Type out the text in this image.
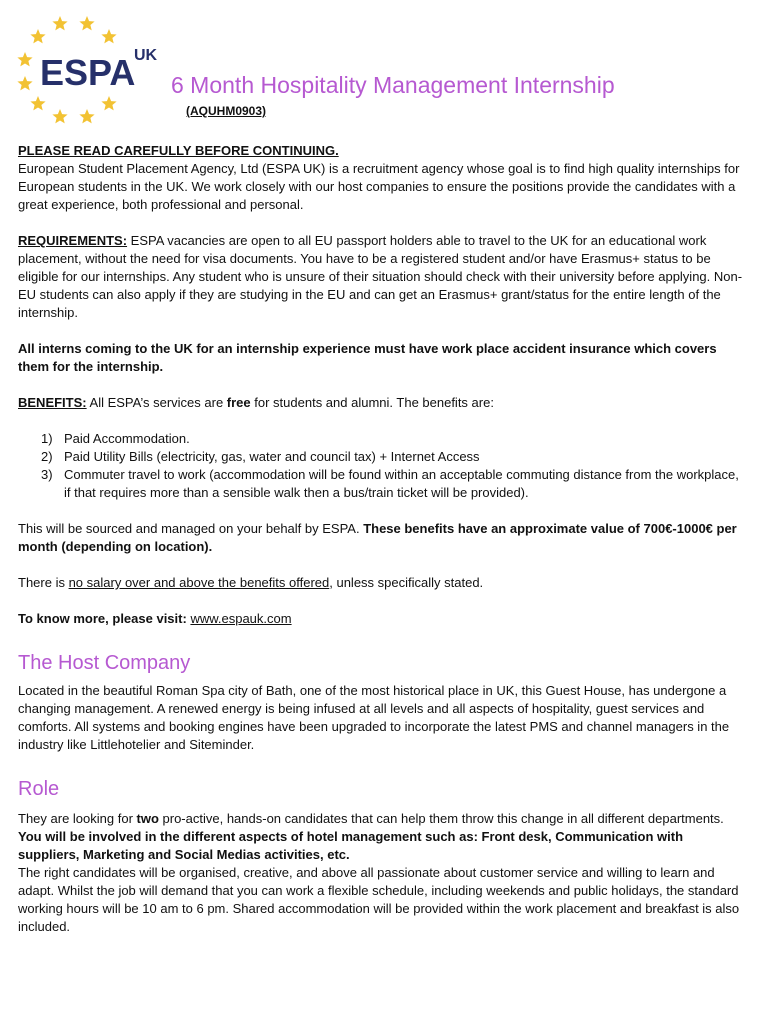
ESPA
UK
6 Month Hospitality Management Internship
(AQUHM0903)

PLEASE READ CAREFULLY BEFORE CONTINUING.
European Student Placement Agency, Ltd (ESPA UK) is a recruitment agency whose goal is to find high quality internships for European students in the UK. We work closely with our host companies to ensure the positions provide the candidates with a great experience, both professional and personal.

REQUIREMENTS: ESPA vacancies are open to all EU passport holders able to travel to the UK for an educational work placement, without the need for visa documents. You have to be a registered student and/or have Erasmus+ status to be eligible for our internships. Any student who is unsure of their situation should check with their university before applying. Non-EU students can also apply if they are studying in the EU and can get an Erasmus+ grant/status for the entire length of the internship.

All interns coming to the UK for an internship experience must have work place accident insurance which covers them for the internship.

BENEFITS: All ESPA’s services are free for students and alumni. The benefits are:

1) Paid Accommodation.
2) Paid Utility Bills (electricity, gas, water and council tax) + Internet Access
3) Commuter travel to work (accommodation will be found within an acceptable commuting distance from the workplace, if that requires more than a sensible walk then a bus/train ticket will be provided).

This will be sourced and managed on your behalf by ESPA. These benefits have an approximate value of 700€-1000€ per month (depending on location).

There is no salary over and above the benefits offered, unless specifically stated.

To know more, please visit: www.espauk.com

The Host Company

Located in the beautiful Roman Spa city of Bath, one of the most historical place in UK, this Guest House, has undergone a changing management. A renewed energy is being infused at all levels and all aspects of hospitality, guest services and comforts. All systems and booking engines have been upgraded to incorporate the latest PMS and channel managers in the industry like Littlehotelier and Siteminder.

Role

They are looking for two pro-active, hands-on candidates that can help them throw this change in all different departments. You will be involved in the different aspects of hotel management such as: Front desk, Communication with suppliers, Marketing and Social Medias activities, etc.

The right candidates will be organised, creative, and above all passionate about customer service and willing to learn and adapt. Whilst the job will demand that you can work a flexible schedule, including weekends and public holidays, the standard working hours will be 10 am to 6 pm. Shared accommodation will be provided within the work placement and breakfast is also included.
